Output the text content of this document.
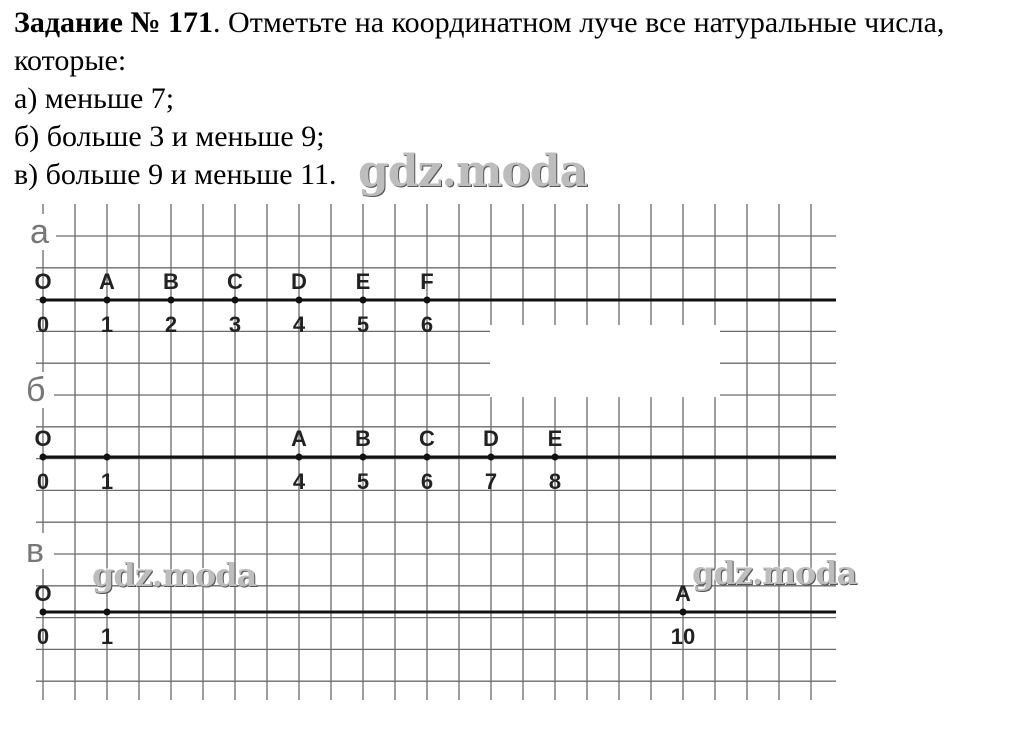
Задание № 171. Отметьте на координатном луче все натуральные числа,
которые:
а) меньше 7;
б) больше 3 и меньше 9;
в) больше 9 и меньше 11.
а
O
0
A
1
B
2
C
3
D
4
E
5
F
6
б
O
0 1
A
4
B
5
C
6
D
7
E
8
в
O
0 1
A
10
gdz.moda
gdz.moda	gdz.moda
